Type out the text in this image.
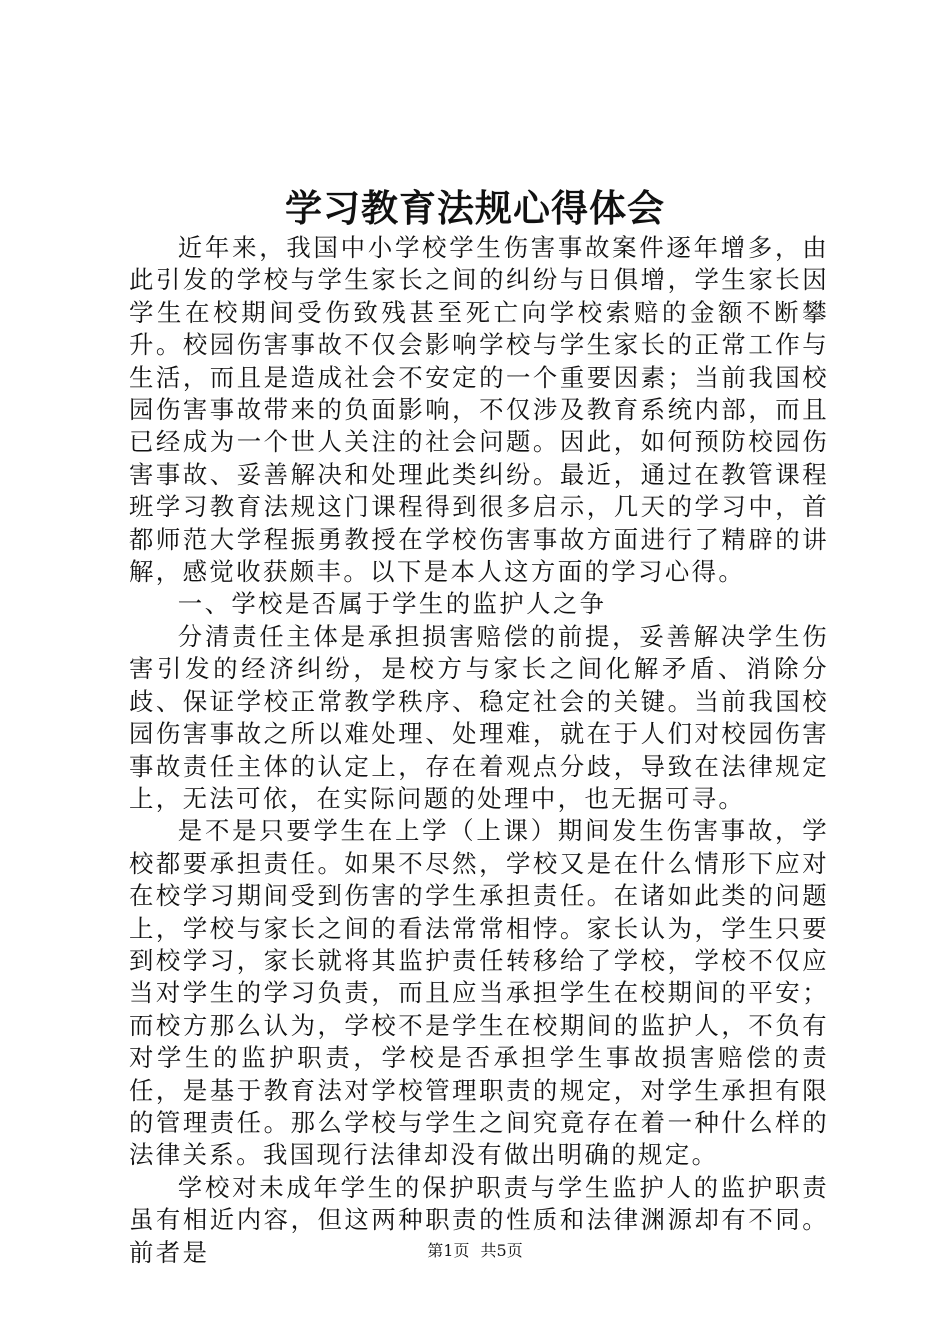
学习教育法规心得体会

近年来，我国中小学校学生伤害事故案件逐年增多，由此引发的学校与学生家长之间的纠纷与日俱增，学生家长因学生在校期间受伤致残甚至死亡向学校索赔的金额不断攀升。校园伤害事故不仅会影响学校与学生家长的正常工作与生活，而且是造成社会不安定的一个重要因素；当前我国校园伤害事故带来的负面影响，不仅涉及教育系统内部，而且已经成为一个世人关注的社会问题。因此，如何预防校园伤害事故、妥善解决和处理此类纠纷。最近，通过在教管课程班学习教育法规这门课程得到很多启示，几天的学习中，首都师范大学程振勇教授在学校伤害事故方面进行了精辟的讲解，感觉收获颇丰。以下是本人这方面的学习心得。

一、学校是否属于学生的监护人之争

分清责任主体是承担损害赔偿的前提，妥善解决学生伤害引发的经济纠纷，是校方与家长之间化解矛盾、消除分歧、保证学校正常教学秩序、稳定社会的关键。当前我国校园伤害事故之所以难处理、处理难，就在于人们对校园伤害事故责任主体的认定上，存在着观点分歧，导致在法律规定上，无法可依，在实际问题的处理中，也无据可寻。

是不是只要学生在上学（上课）期间发生伤害事故，学校都要承担责任。如果不尽然，学校又是在什么情形下应对在校学习期间受到伤害的学生承担责任。在诸如此类的问题上，学校与家长之间的看法常常相悖。家长认为，学生只要到校学习，家长就将其监护责任转移给了学校，学校不仅应当对学生的学习负责，而且应当承担学生在校期间的平安；而校方那么认为，学校不是学生在校期间的监护人，不负有对学生的监护职责，学校是否承担学生事故损害赔偿的责任，是基于教育法对学校管理职责的规定，对学生承担有限的管理责任。那么学校与学生之间究竟存在着一种什么样的法律关系。我国现行法律却没有做出明确的规定。

学校对未成年学生的保护职责与学生监护人的监护职责虽有相近内容，但这两种职责的性质和法律渊源却有不同。前者是	第1页 共5页
